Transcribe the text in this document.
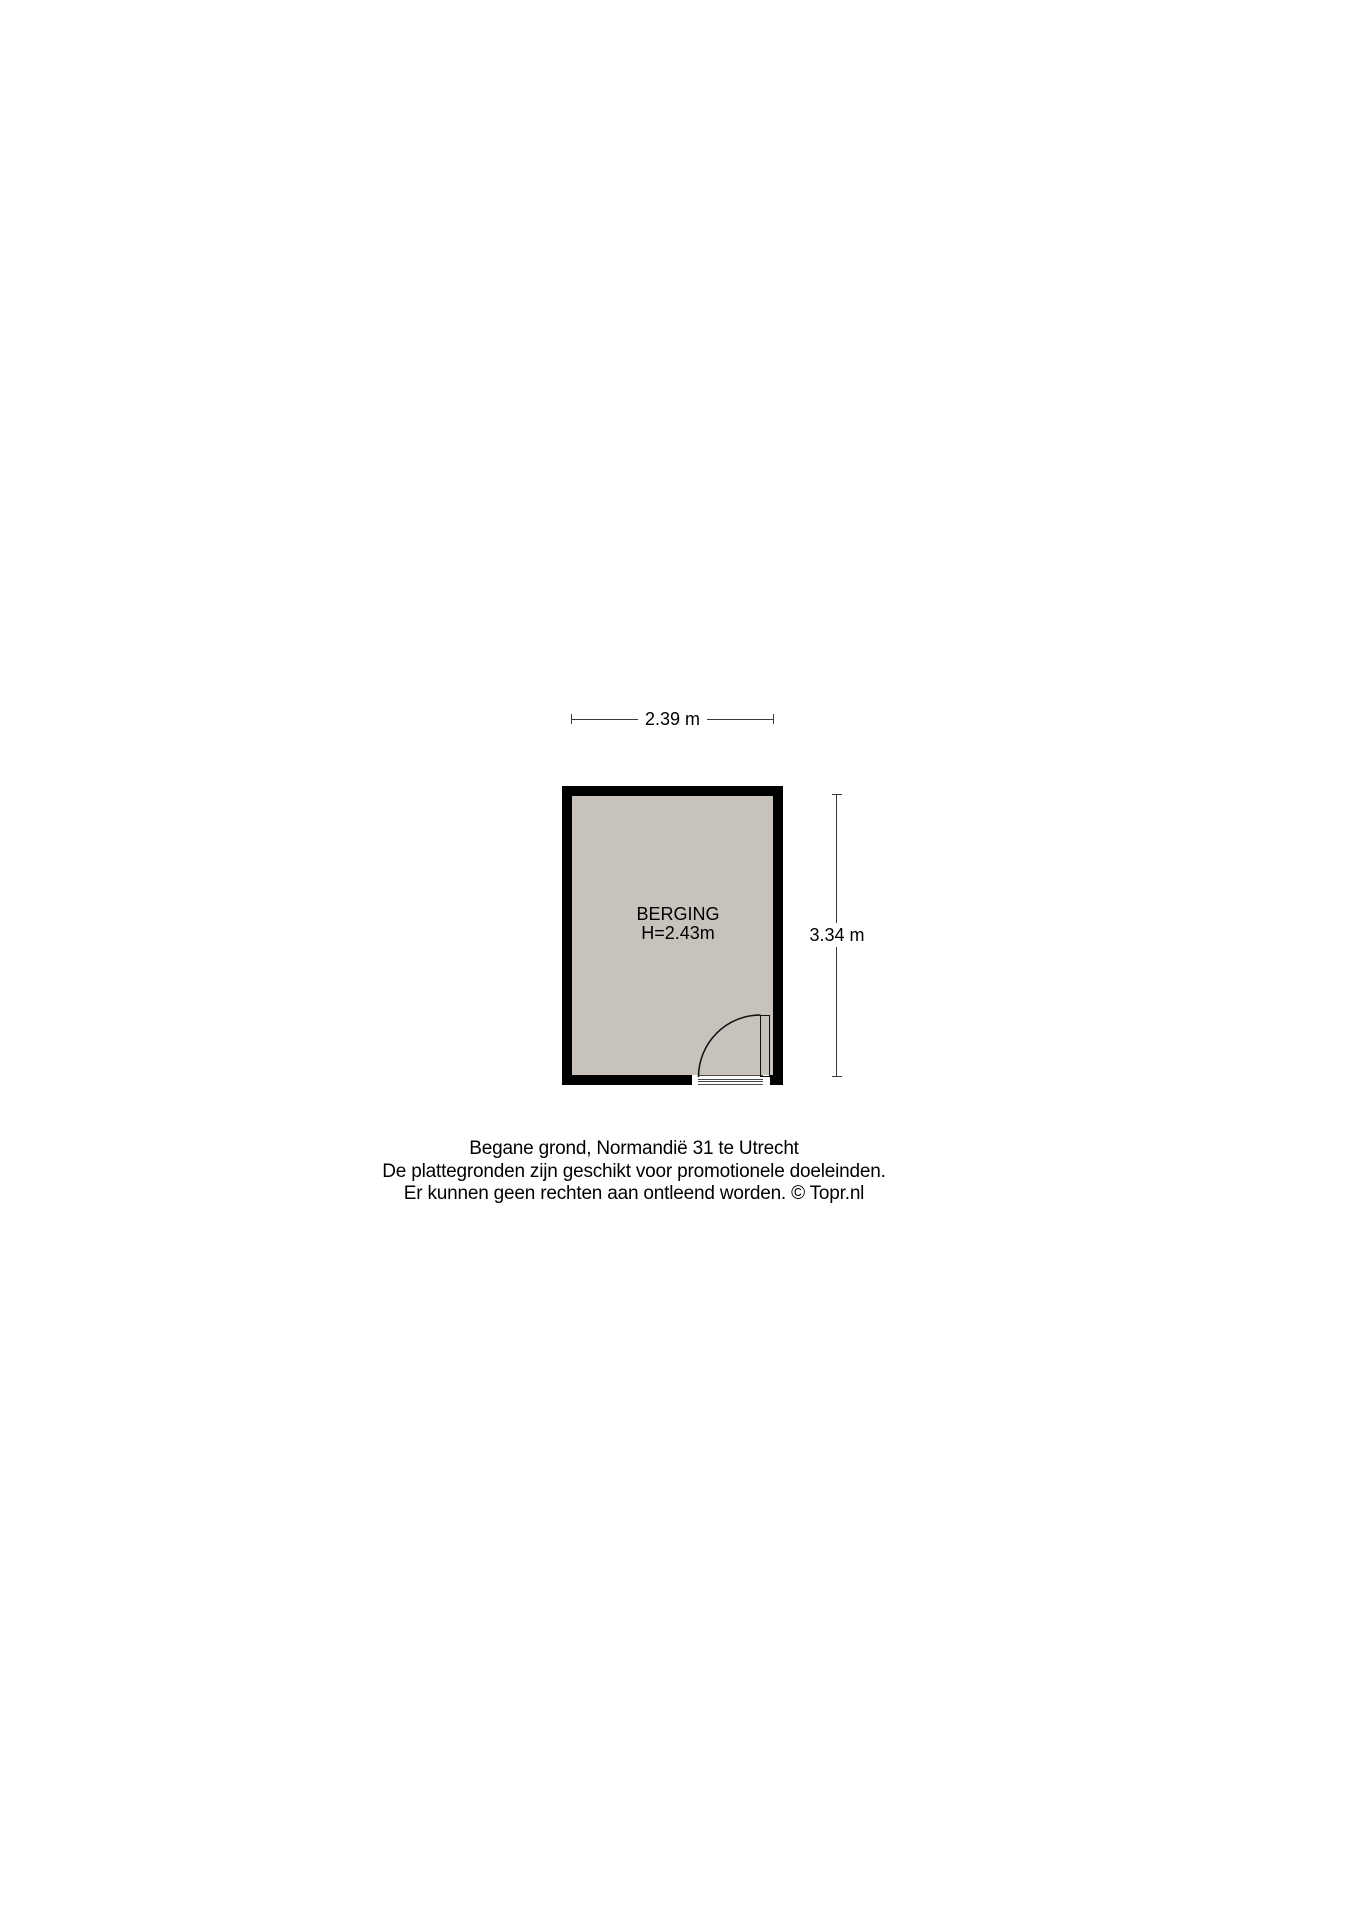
2.39 m
BERGING
H=2.43m	3.34 m
Begane grond, Normandië 31 te Utrecht
De plattegronden zijn geschikt voor promotionele doeleinden.
Er kunnen geen rechten aan ontleend worden. © Topr.nl
